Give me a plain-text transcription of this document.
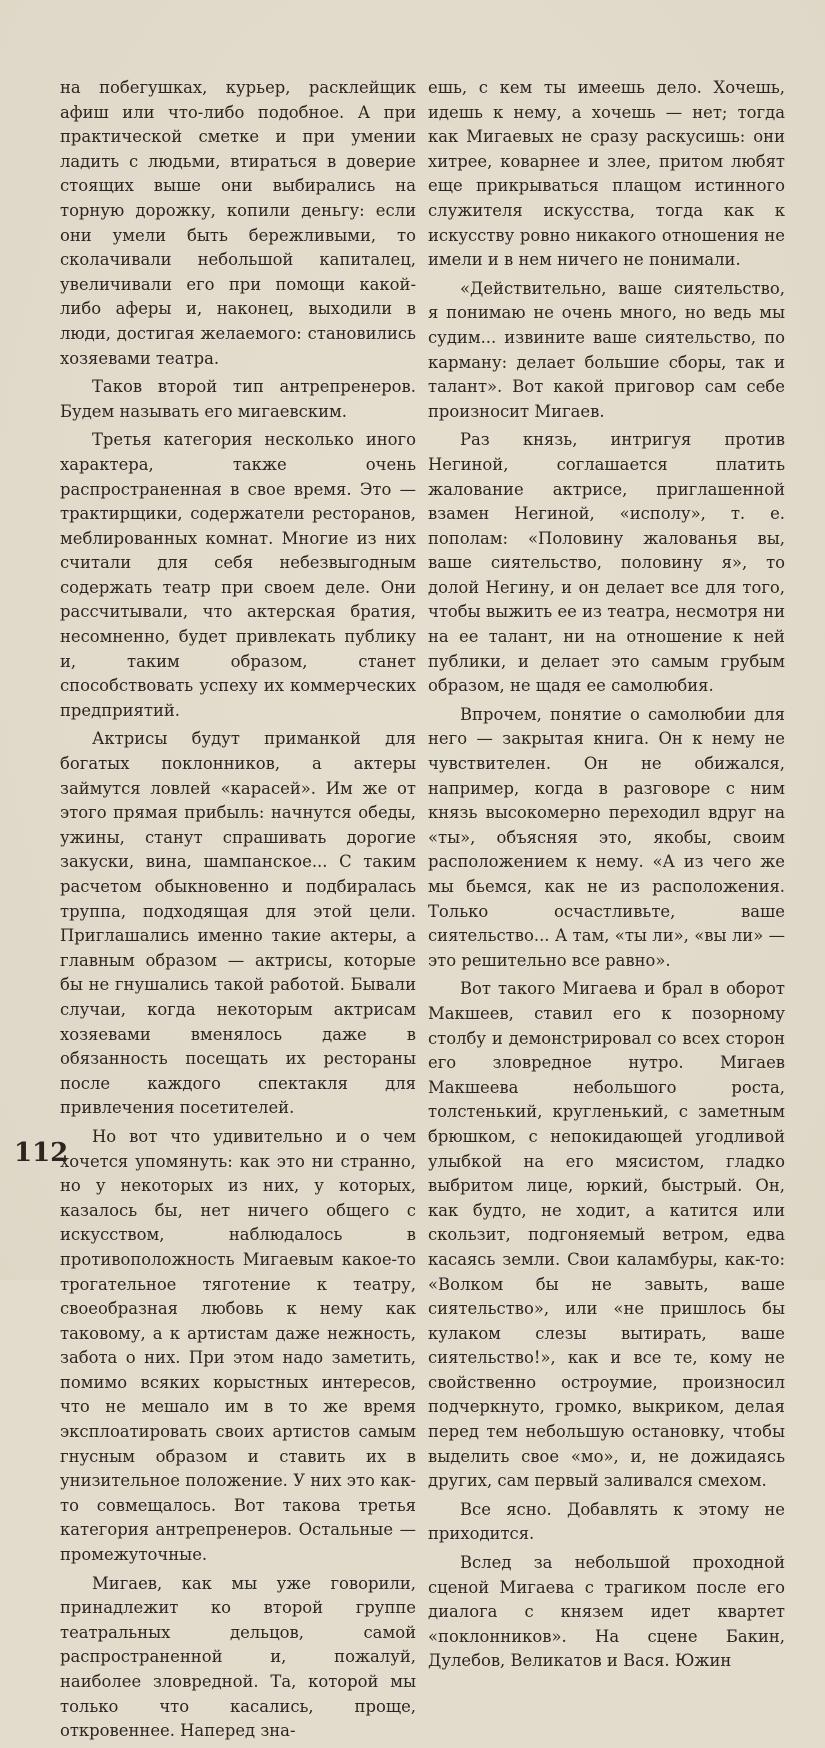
на побегушках, курьер, расклейщик афиш или что-либо подобное. А при практической сметке и при умении ладить с людьми, втираться в доверие стоящих выше они выбирались на торную дорожку, копили деньгу: если они умели быть бережливыми, то сколачивали небольшой капиталец, увеличивали его при помощи какой-либо аферы и, наконец, выходили в люди, достигая желаемого: становились хозяевами театра.

Таков второй тип антрепренеров. Будем называть его мигаевским.

Третья категория несколько иного характера, также очень распространенная в свое время. Это — трактирщики, содержатели ресторанов, меблированных комнат. Многие из них считали для себя небезвыгодным содержать театр при своем деле. Они рассчитывали, что актерская братия, несомненно, будет привлекать публику и, таким образом, станет способствовать успеху их коммерческих предприятий.

Актрисы будут приманкой для богатых поклонников, а актеры займутся ловлей «карасей». Им же от этого прямая прибыль: начнутся обеды, ужины, станут спрашивать дорогие закуски, вина, шампанское... С таким расчетом обыкновенно и подбиралась труппа, подходящая для этой цели. Приглашались именно такие актеры, а главным образом — актрисы, которые бы не гнушались такой работой. Бывали случаи, когда некоторым актрисам хозяевами вменялось даже в обязанность посещать их рестораны после каждого спектакля для привлечения посетителей.

Но вот что удивительно и о чем хочется упомянуть: как это ни странно, но у некоторых из них, у которых, казалось бы, нет ничего общего с искусством, наблюдалось в противоположность Мигаевым какое-то трогательное тяготение к театру, своеобразная любовь к нему как таковому, а к артистам даже нежность, забота о них. При этом надо заметить, помимо всяких корыстных интересов, что не мешало им в то же время эксплоатировать своих артистов самым гнусным образом и ставить их в унизительное положение. У них это как-то совмещалось. Вот такова третья категория антрепренеров. Остальные — промежуточные.

Мигаев, как мы уже говорили, принадлежит ко второй группе театральных дельцов, самой распространенной и, пожалуй, наиболее зловредной. Та, которой мы только что касались, проще, откровеннее. Наперед зна-

ешь, с кем ты имеешь дело. Хочешь, идешь к нему, а хочешь — нет; тогда как Мигаевых не сразу раскусишь: они хитрее, коварнее и злее, притом любят еще прикрываться плащом истинного служителя искусства, тогда как к искусству ровно никакого отношения не имели и в нем ничего не понимали.

«Действительно, ваше сиятельство, я понимаю не очень много, но ведь мы судим... извините ваше сиятельство, по карману: делает большие сборы, так и талант». Вот какой приговор сам себе произносит Мигаев.

Раз князь, интригуя против Негиной, соглашается платить жалование актрисе, приглашенной взамен Негиной, «исполу», т. е. пополам: «Половину жалованья вы, ваше сиятельство, половину я», то долой Негину, и он делает все для того, чтобы выжить ее из театра, несмотря ни на ее талант, ни на отношение к ней публики, и делает это самым грубым образом, не щадя ее самолюбия.

Впрочем, понятие о самолюбии для него — закрытая книга. Он к нему не чувствителен. Он не обижался, например, когда в разговоре с ним князь высокомерно переходил вдруг на «ты», объясняя это, якобы, своим расположением к нему. «А из чего же мы бьемся, как не из расположения. Только осчастливьте, ваше сиятельство... А там, «ты ли», «вы ли» — это решительно все равно».

Вот такого Мигаева и брал в оборот Макшеев, ставил его к позорному столбу и демонстрировал со всех сторон его зловредное нутро. Мигаев Макшеева небольшого роста, толстенький, кругленький, с заметным брюшком, с непокидающей угодливой улыбкой на его мясистом, гладко выбритом лице, юркий, быстрый. Он, как будто, не ходит, а катится или скользит, подгоняемый ветром, едва касаясь земли. Свои каламбуры, как-то: «Волком бы не завыть, ваше сиятельство», или «не пришлось бы кулаком слезы вытирать, ваше сиятельство!», как и все те, кому не свойственно остроумие, произносил подчеркнуто, громко, выкриком, делая перед тем небольшую остановку, чтобы выделить свое «мо», и, не дожидаясь других, сам первый заливался смехом.

Все ясно. Добавлять к этому не приходится.

Вслед за небольшой проходной сценой Мигаева с трагиком после его диалога с князем идет квартет «поклонников». На сцене Бакин, Дулебов, Великатов и Вася. Южин

112
